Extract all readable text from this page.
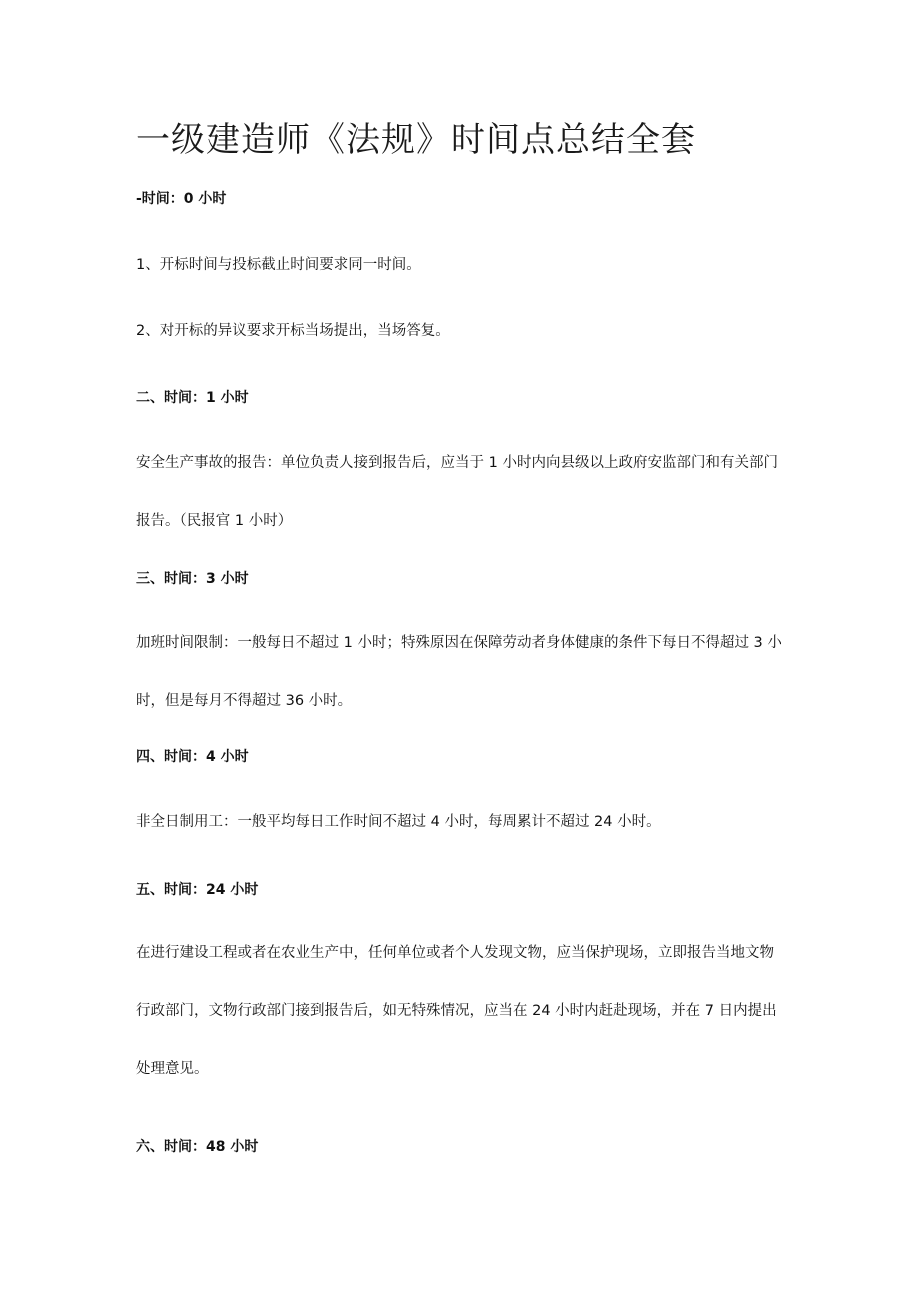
一级建造师《法规》时间点总结全套
-时间：0 小时

1、开标时间与投标截止时间要求同一时间。

2、对开标的异议要求开标当场提出，当场答复。

二、时间：1 小时

安全生产事故的报告：单位负责人接到报告后，应当于 1 小时内向县级以上政府安监部门和有关部门报告。（民报官 1 小时）

三、时间：3 小时

加班时间限制：一般每日不超过 1 小时；特殊原因在保障劳动者身体健康的条件下每日不得超过 3 小时，但是每月不得超过 36 小时。

四、时间：4 小时

非全日制用工：一般平均每日工作时间不超过 4 小时，每周累计不超过 24 小时。

五、时间：24 小时

在进行建设工程或者在农业生产中，任何单位或者个人发现文物，应当保护现场，立即报告当地文物行政部门，文物行政部门接到报告后，如无特殊情况，应当在 24 小时内赶赴现场，并在 7 日内提出处理意见。

六、时间：48 小时
